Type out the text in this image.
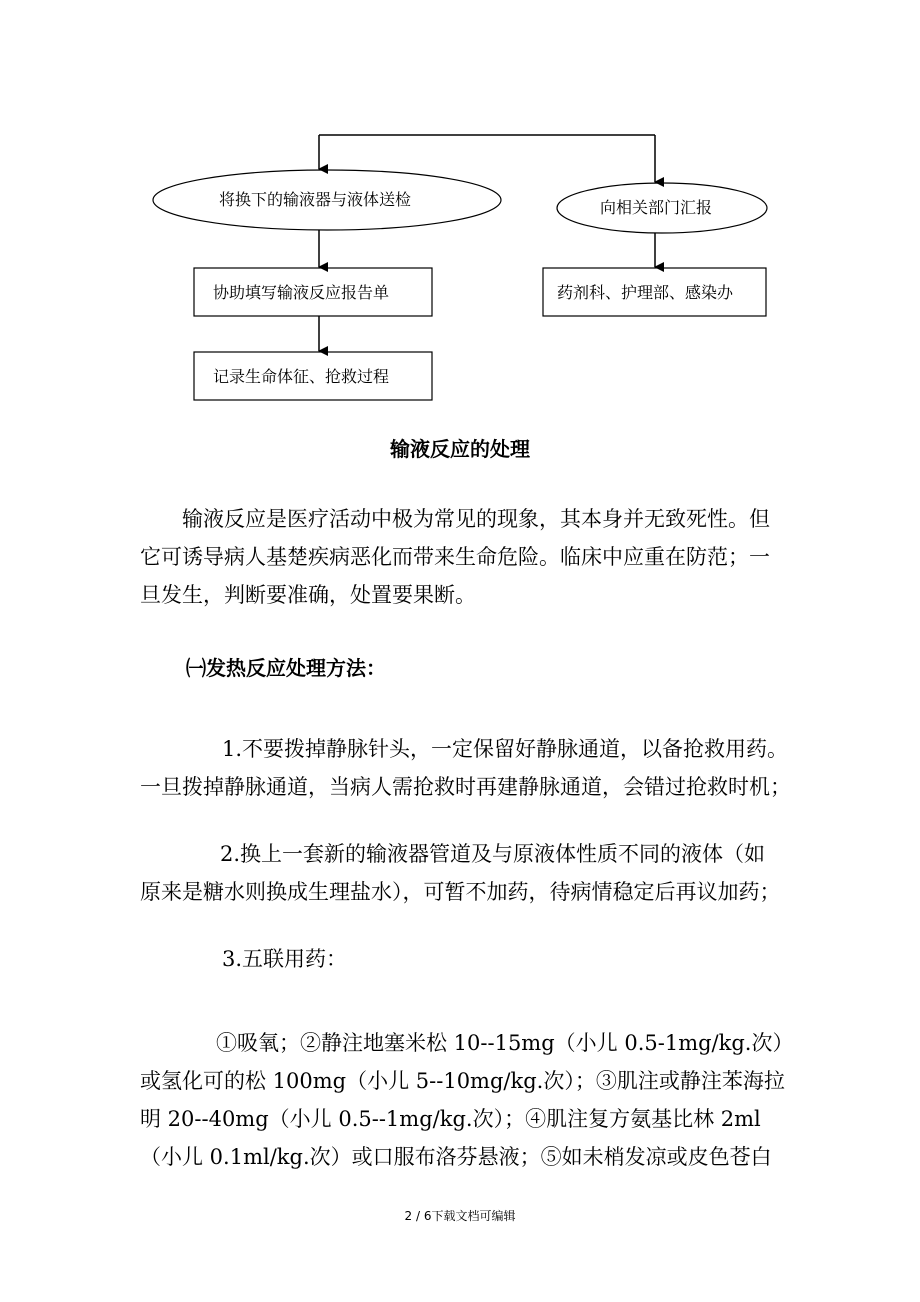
将换下的输液器与液体送检	向相关部门汇报
协助填写输液反应报告单
记录生命体征、抢救过程
药剂科、护理部、感染办
输液反应的处理
输液反应是医疗活动中极为常见的现象，其本身并无致死性。但
它可诱导病人基楚疾病恶化而带来生命危险。临床中应重在防范；一
旦发生，判断要准确，处置要果断。
㈠发热反应处理方法：
1.不要拨掉静脉针头，一定保留好静脉通道，以备抢救用药。
一旦拨掉静脉通道，当病人需抢救时再建静脉通道，会错过抢救时机；
2.换上一套新的输液器管道及与原液体性质不同的液体（如
原来是糖水则换成生理盐水），可暂不加药，待病情稳定后再议加药；
3.五联用药：
①吸氧；②静注地塞米松 10--15mg（小儿 0.5-1mg/kg.次）
或氢化可的松 100mg（小儿 5--10mg/kg.次）；③肌注或静注苯海拉
明 20--40mg（小儿 0.5--1mg/kg.次）；④肌注复方氨基比林 2ml
（小儿 0.1ml/kg.次）或口服布洛芬悬液；⑤如未梢发凉或皮色苍白
2 / 6下载文档可编辑
